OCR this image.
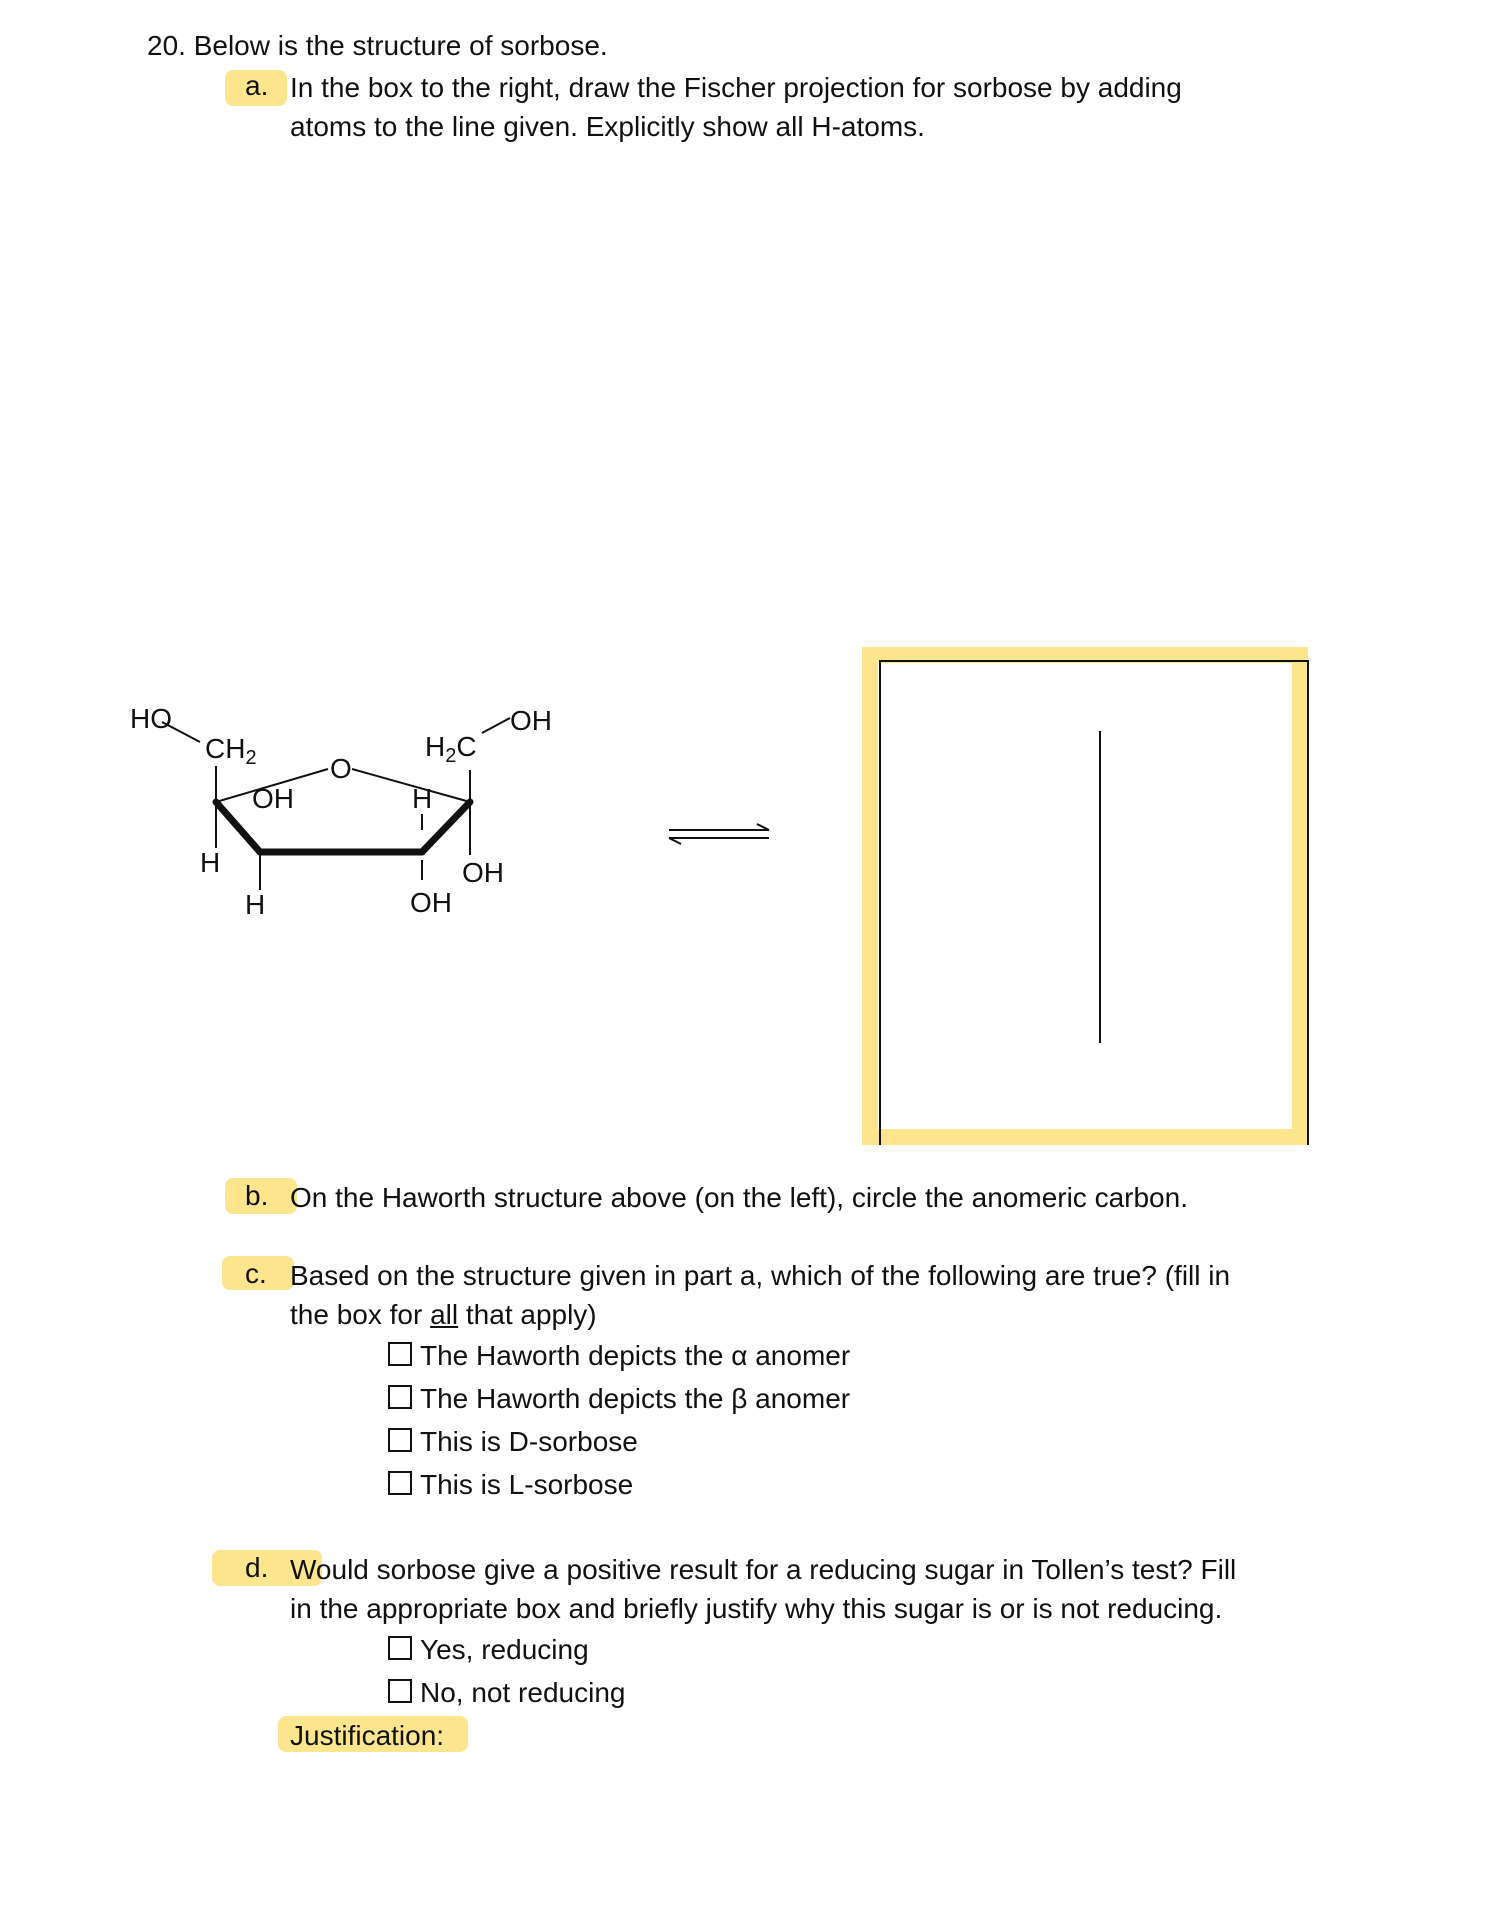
20. Below is the structure of sorbose.
a. In the box to the right, draw the Fischer projection for sorbose by adding
atoms to the line given. Explicitly show all H-atoms.
HO
$CH_2$	O
$H_2C$
OH
OH	H
H
H
OH
OH
b. On the Haworth structure above (on the left), circle the anomeric carbon.
c. Based on the structure given in part a, which of the following are true? (fill in
the box for all that apply)
The Haworth depicts the α anomer
The Haworth depicts the β anomer
This is D-sorbose
This is L-sorbose
d. Would sorbose give a positive result for a reducing sugar in Tollen’s test? Fill
in the appropriate box and briefly justify why this sugar is or is not reducing.
Yes, reducing
No, not reducing
Justification:
